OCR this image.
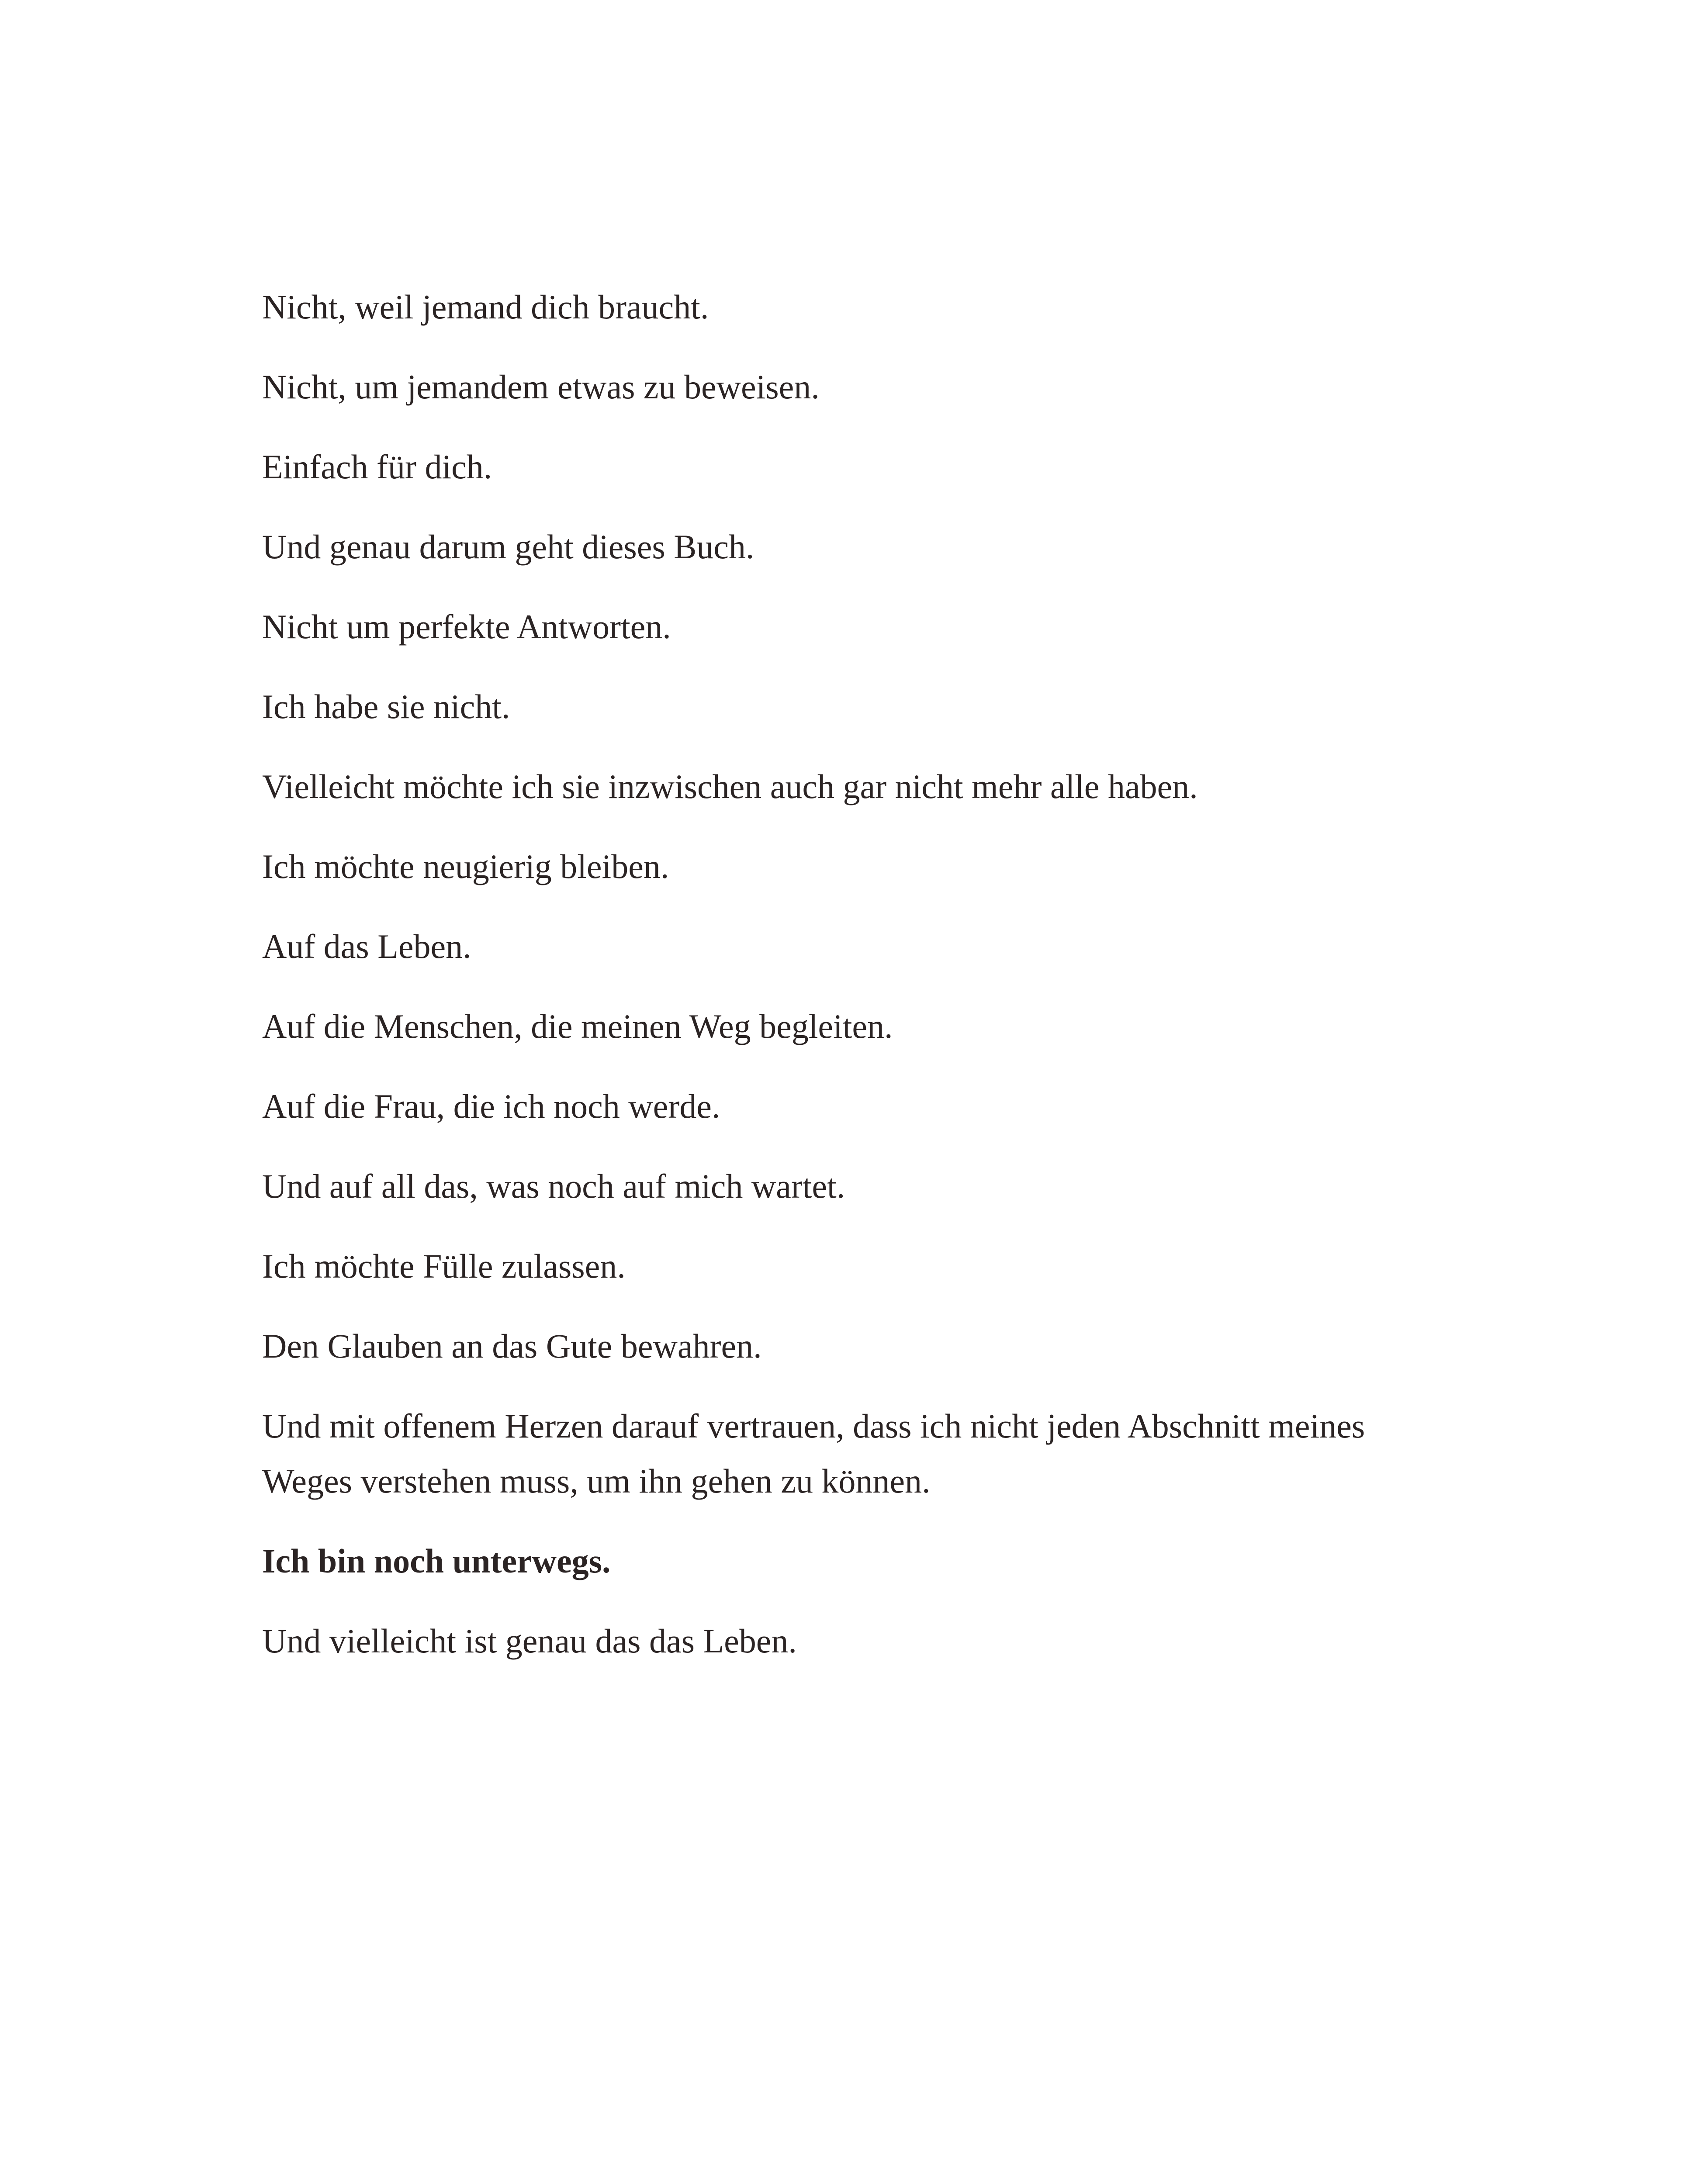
Nicht, weil jemand dich braucht.

Nicht, um jemandem etwas zu beweisen.

Einfach für dich.

Und genau darum geht dieses Buch.

Nicht um perfekte Antworten.

Ich habe sie nicht.

Vielleicht möchte ich sie inzwischen auch gar nicht mehr alle haben.

Ich möchte neugierig bleiben.

Auf das Leben.

Auf die Menschen, die meinen Weg begleiten.

Auf die Frau, die ich noch werde.

Und auf all das, was noch auf mich wartet.

Ich möchte Fülle zulassen.

Den Glauben an das Gute bewahren.

Und mit offenem Herzen darauf vertrauen, dass ich nicht jeden Abschnitt meines Weges verstehen muss, um ihn gehen zu können.

Ich bin noch unterwegs.

Und vielleicht ist genau das das Leben.
